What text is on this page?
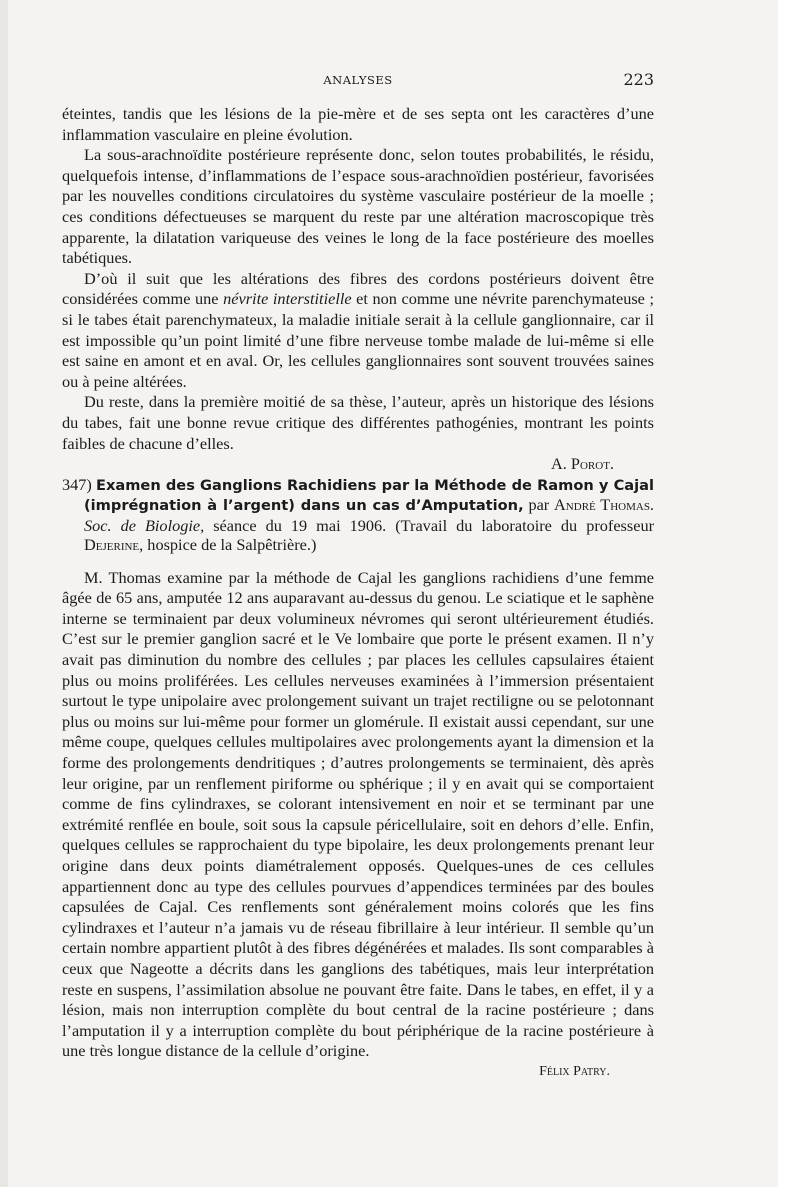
ANALYSES	223

éteintes, tandis que les lésions de la pie-mère et de ses septa ont les caractères d’une inflammation vasculaire en pleine évolution.

La sous-arachnoïdite postérieure représente donc, selon toutes probabilités, le résidu, quelquefois intense, d’inflammations de l’espace sous-arachnoïdien postérieur, favorisées par les nouvelles conditions circulatoires du système vasculaire postérieur de la moelle ; ces conditions défectueuses se marquent du reste par une altération macroscopique très apparente, la dilatation variqueuse des veines le long de la face postérieure des moelles tabétiques.

D’où il suit que les altérations des fibres des cordons postérieurs doivent être considérées comme une névrite interstitielle et non comme une névrite parenchymateuse ; si le tabes était parenchymateux, la maladie initiale serait à la cellule ganglionnaire, car il est impossible qu’un point limité d’une fibre nerveuse tombe malade de lui-même si elle est saine en amont et en aval. Or, les cellules ganglionnaires sont souvent trouvées saines ou à peine altérées.

Du reste, dans la première moitié de sa thèse, l’auteur, après un historique des lésions du tabes, fait une bonne revue critique des différentes pathogénies, montrant les points faibles de chacune d’elles.

A. Porot.

347) Examen des Ganglions Rachidiens par la Méthode de Ramon y Cajal (imprégnation à l’argent) dans un cas d’Amputation, par André Thomas. Soc. de Biologie, séance du 19 mai 1906. (Travail du laboratoire du professeur Dejerine, hospice de la Salpêtrière.)

M. Thomas examine par la méthode de Cajal les ganglions rachidiens d’une femme âgée de 65 ans, amputée 12 ans auparavant au-dessus du genou. Le sciatique et le saphène interne se terminaient par deux volumineux névromes qui seront ultérieurement étudiés. C’est sur le premier ganglion sacré et le Ve lombaire que porte le présent examen. Il n’y avait pas diminution du nombre des cellules ; par places les cellules capsulaires étaient plus ou moins proliférées. Les cellules nerveuses examinées à l’immersion présentaient surtout le type unipolaire avec prolongement suivant un trajet rectiligne ou se pelotonnant plus ou moins sur lui-même pour former un glomérule. Il existait aussi cependant, sur une même coupe, quelques cellules multipolaires avec prolongements ayant la dimension et la forme des prolongements dendritiques ; d’autres prolongements se terminaient, dès après leur origine, par un renflement piriforme ou sphérique ; il y en avait qui se comportaient comme de fins cylindraxes, se colorant intensivement en noir et se terminant par une extrémité renflée en boule, soit sous la capsule péricellulaire, soit en dehors d’elle. Enfin, quelques cellules se rapprochaient du type bipolaire, les deux prolongements prenant leur origine dans deux points diamétralement opposés. Quelques-unes de ces cellules appartiennent donc au type des cellules pourvues d’appendices terminées par des boules capsulées de Cajal. Ces renflements sont généralement moins colorés que les fins cylindraxes et l’auteur n’a jamais vu de réseau fibrillaire à leur intérieur. Il semble qu’un certain nombre appartient plutôt à des fibres dégénérées et malades. Ils sont comparables à ceux que Nageotte a décrits dans les ganglions des tabétiques, mais leur interprétation reste en suspens, l’assimilation absolue ne pouvant être faite. Dans le tabes, en effet, il y a lésion, mais non interruption complète du bout central de la racine postérieure ; dans l’amputation il y a interruption complète du bout périphérique de la racine postérieure à une très longue distance de la cellule d’origine.

Félix Patry.
